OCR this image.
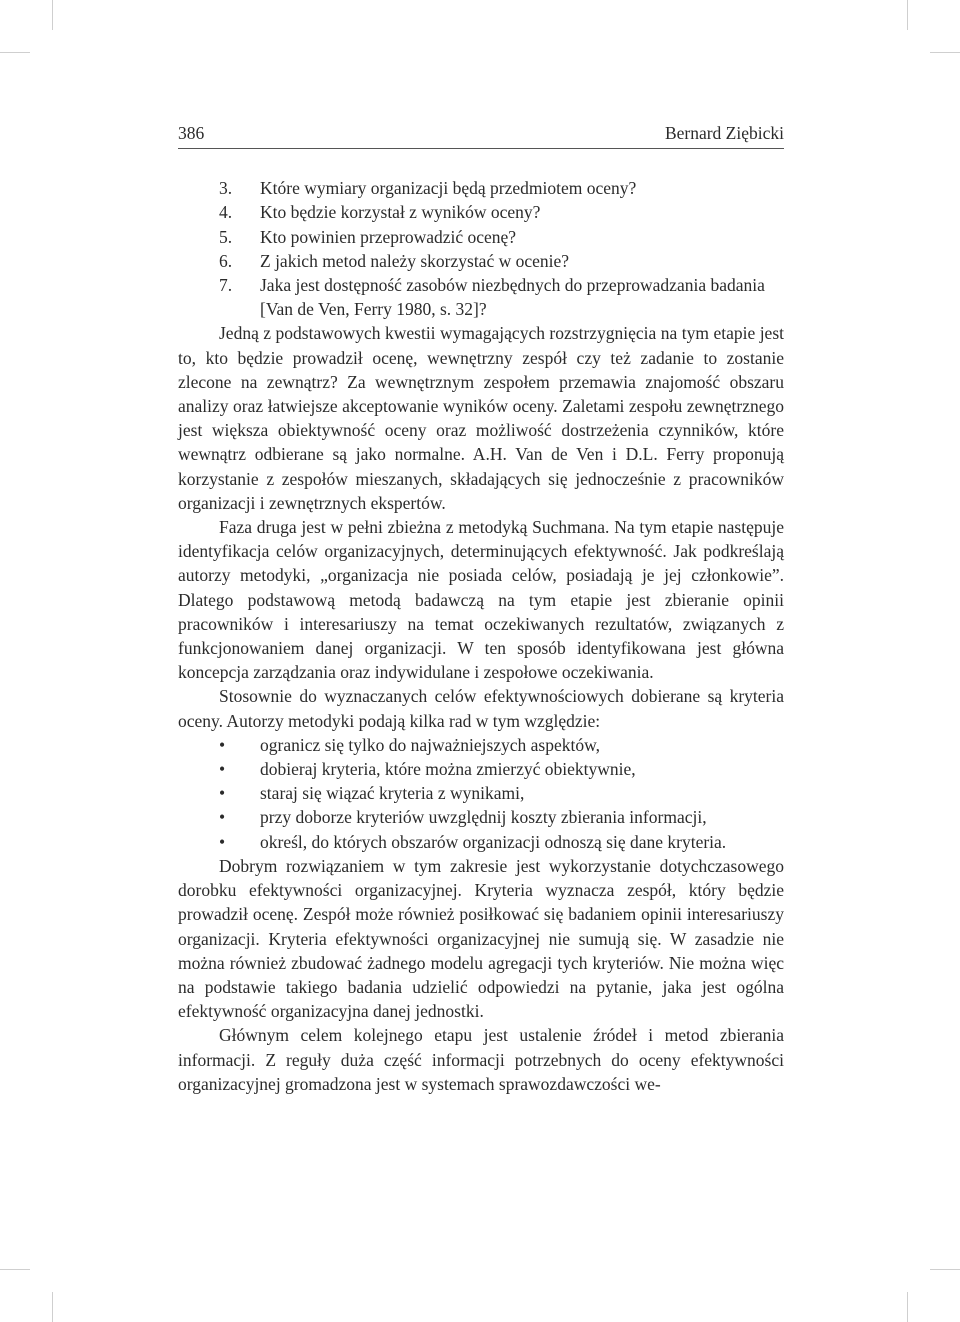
386	Bernard Ziębicki
3. Które wymiary organizacji będą przedmiotem oceny?
4. Kto będzie korzystał z wyników oceny?
5. Kto powinien przeprowadzić ocenę?
6. Z jakich metod należy skorzystać w ocenie?
7. Jaka jest dostępność zasobów niezbędnych do przeprowadzania badania [Van de Ven, Ferry 1980, s. 32]?

Jedną z podstawowych kwestii wymagających rozstrzygnięcia na tym etapie jest to, kto będzie prowadził ocenę, wewnętrzny zespół czy też zadanie to zostanie zlecone na zewnątrz? Za wewnętrznym zespołem przemawia znajomość obszaru analizy oraz łatwiejsze akceptowanie wyników oceny. Zaletami zespołu zewnętrznego jest większa obiektywność oceny oraz możliwość dostrzeżenia czynników, które wewnątrz odbierane są jako normalne. A.H. Van de Ven i D.L. Ferry proponują korzystanie z zespołów mieszanych, składających się jednocześnie z pracowników organizacji i zewnętrznych ekspertów.

Faza druga jest w pełni zbieżna z metodyką Suchmana. Na tym etapie następuje identyfikacja celów organizacyjnych, determinujących efektywność. Jak podkreślają autorzy metodyki, „organizacja nie posiada celów, posiadają je jej członkowie”. Dlatego podstawową metodą badawczą na tym etapie jest zbieranie opinii pracowników i interesariuszy na temat oczekiwanych rezultatów, związanych z funkcjonowaniem danej organizacji. W ten sposób identyfikowana jest główna koncepcja zarządzania oraz indywidulane i zespołowe oczekiwania.

Stosownie do wyznaczanych celów efektywnościowych dobierane są kryteria oceny. Autorzy metodyki podają kilka rad w tym względzie:

• ogranicz się tylko do najważniejszych aspektów,
• dobieraj kryteria, które można zmierzyć obiektywnie,
• staraj się wiązać kryteria z wynikami,
• przy doborze kryteriów uwzględnij koszty zbierania informacji,
• określ, do których obszarów organizacji odnoszą się dane kryteria.

Dobrym rozwiązaniem w tym zakresie jest wykorzystanie dotychczasowego dorobku efektywności organizacyjnej. Kryteria wyznacza zespół, który będzie prowadził ocenę. Zespół może również posiłkować się badaniem opinii interesariuszy organizacji. Kryteria efektywności organizacyjnej nie sumują się. W zasadzie nie można również zbudować żadnego modelu agregacji tych kryteriów. Nie można więc na podstawie takiego badania udzielić odpowiedzi na pytanie, jaka jest ogólna efektywność organizacyjna danej jednostki.

Głównym celem kolejnego etapu jest ustalenie źródeł i metod zbierania informacji. Z reguły duża część informacji potrzebnych do oceny efektywności organizacyjnej gromadzona jest w systemach sprawozdawczości we-
